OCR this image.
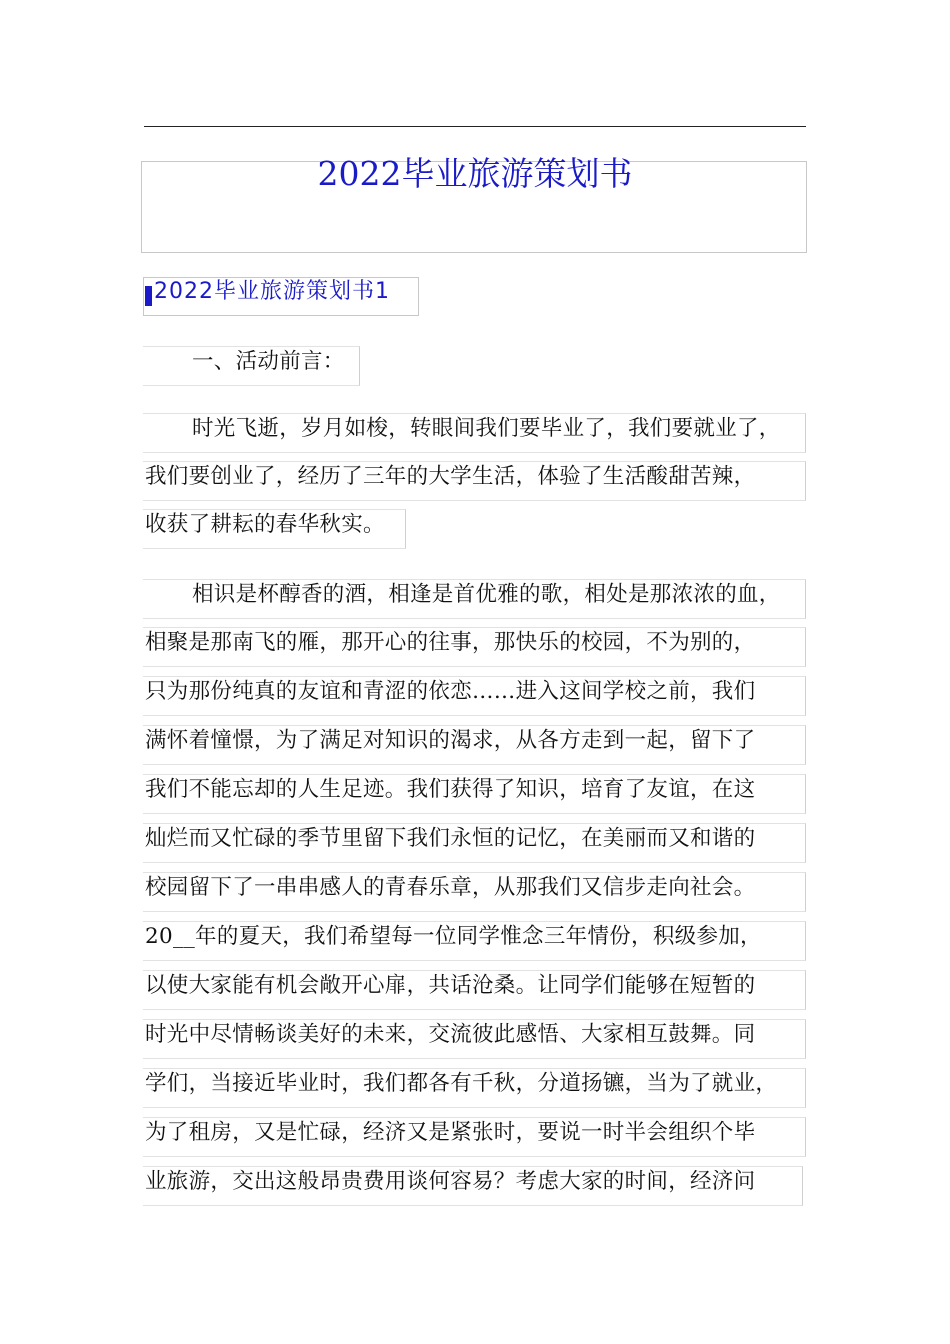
2022毕业旅游策划书
2022毕业旅游策划书1
一、活动前言：
时光飞逝，岁月如梭，转眼间我们要毕业了，我们要就业了，
我们要创业了，经历了三年的大学生活，体验了生活酸甜苦辣，
收获了耕耘的春华秋实。
相识是杯醇香的酒，相逢是首优雅的歌，相处是那浓浓的血，
相聚是那南飞的雁，那开心的往事，那快乐的校园，不为别的，
只为那份纯真的友谊和青涩的依恋……进入这间学校之前，我们
满怀着憧憬，为了满足对知识的渴求，从各方走到一起，留下了
我们不能忘却的人生足迹。我们获得了知识，培育了友谊，在这
灿烂而又忙碌的季节里留下我们永恒的记忆，在美丽而又和谐的
校园留下了一串串感人的青春乐章，从那我们又信步走向社会。
20__年的夏天，我们希望每一位同学惟念三年情份，积级参加，
以使大家能有机会敞开心扉，共话沧桑。让同学们能够在短暂的
时光中尽情畅谈美好的未来，交流彼此感悟、大家相互鼓舞。同
学们，当接近毕业时，我们都各有千秋，分道扬镳，当为了就业，
为了租房，又是忙碌，经济又是紧张时，要说一时半会组织个毕
业旅游，交出这般昂贵费用谈何容易？考虑大家的时间，经济问
